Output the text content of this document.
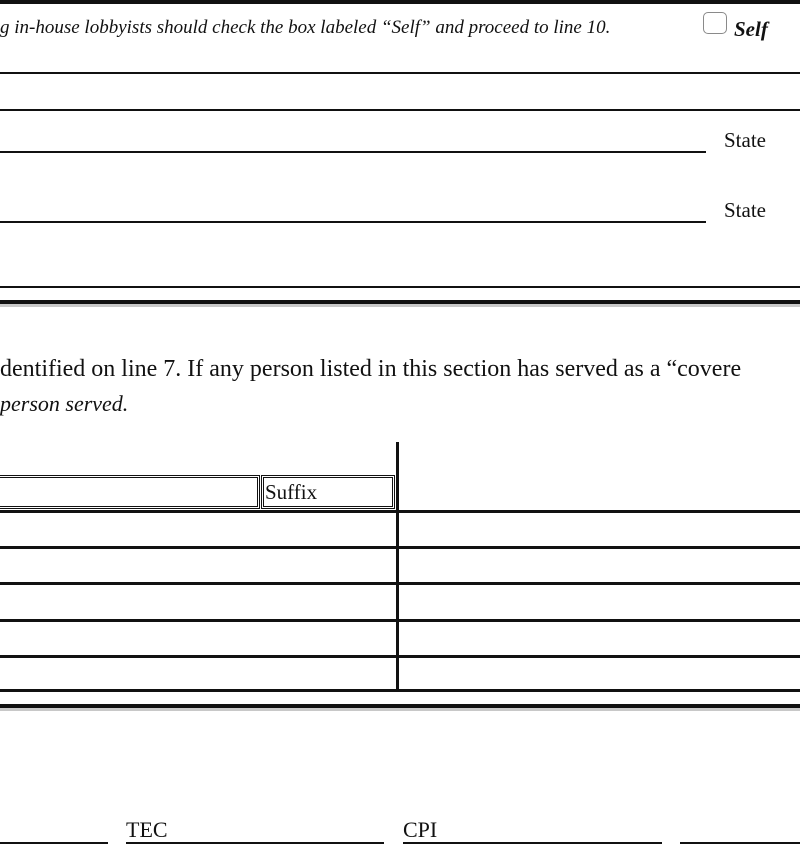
g in-house lobbyists should check the box labeled “Self” and proceed to line 10.	Self
State
State
dentified on line 7. If any person listed in this section has served as a “covere
person served.
Suffix
TEC	CPI
